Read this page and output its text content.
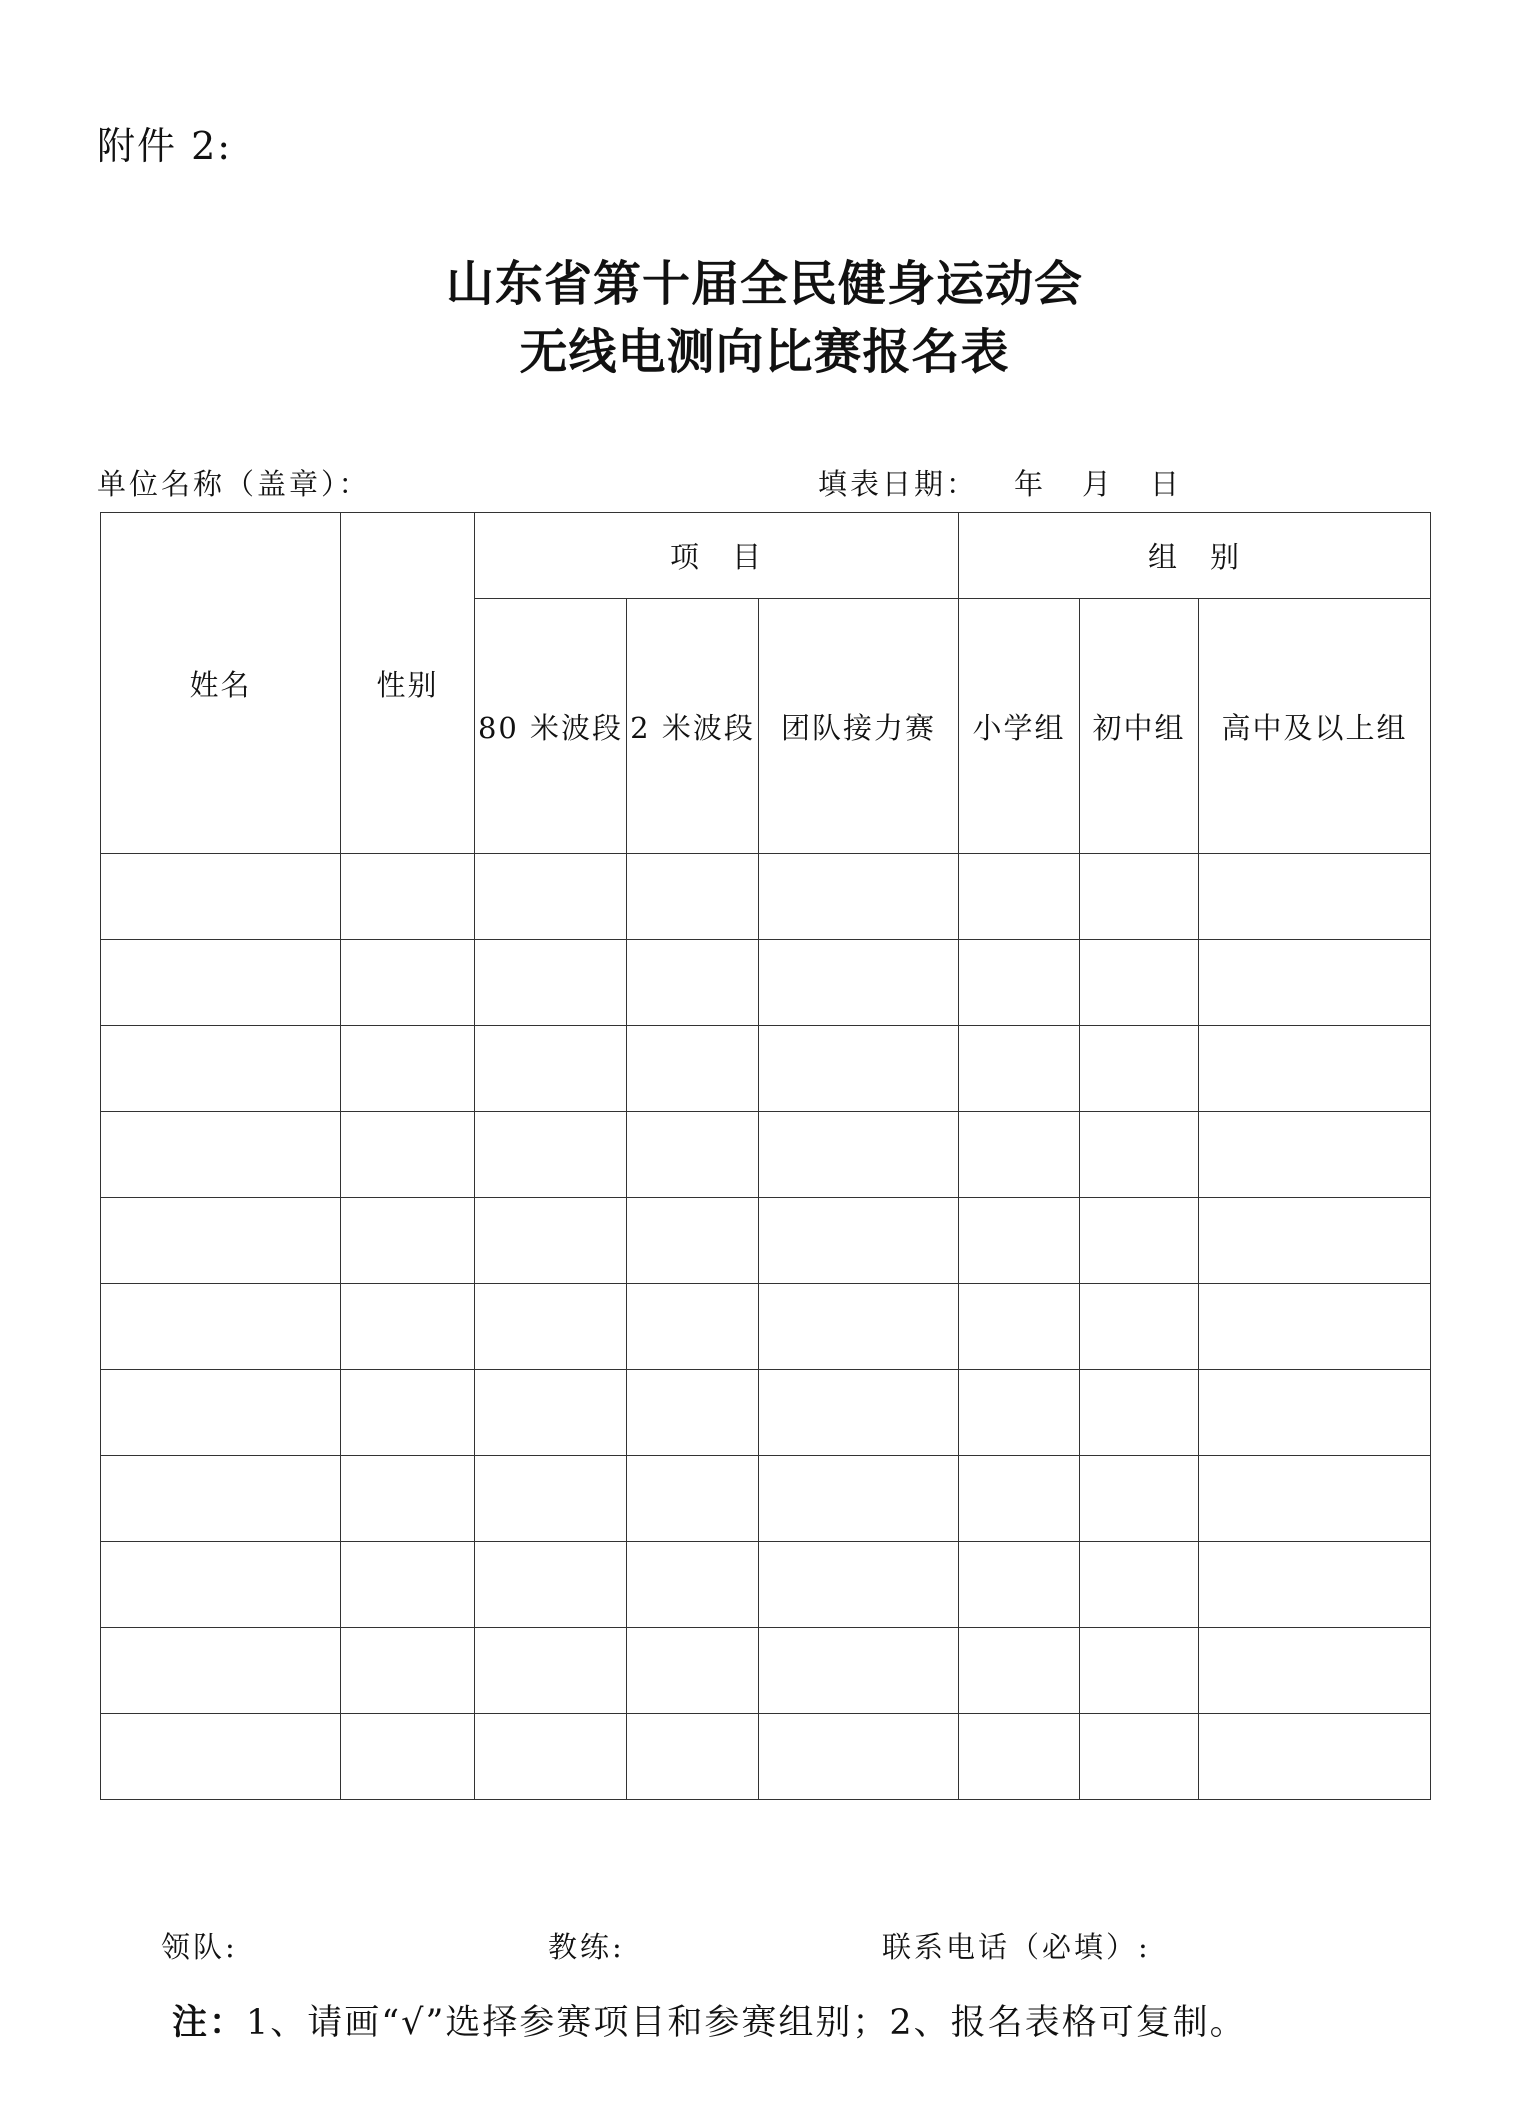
附件 2:
山东省第十届全民健身运动会
无线电测向比赛报名表
单位名称（盖章）：	填表日期： 年 月 日
姓名	性别	项　目			组　别		
		80 米波段	2 米波段	团队接力赛	小学组	初中组	高中及以上组

领队:	教练:	联系电话（必填）:
注：1、请画“√”选择参赛项目和参赛组别；2、报名表格可复制。
